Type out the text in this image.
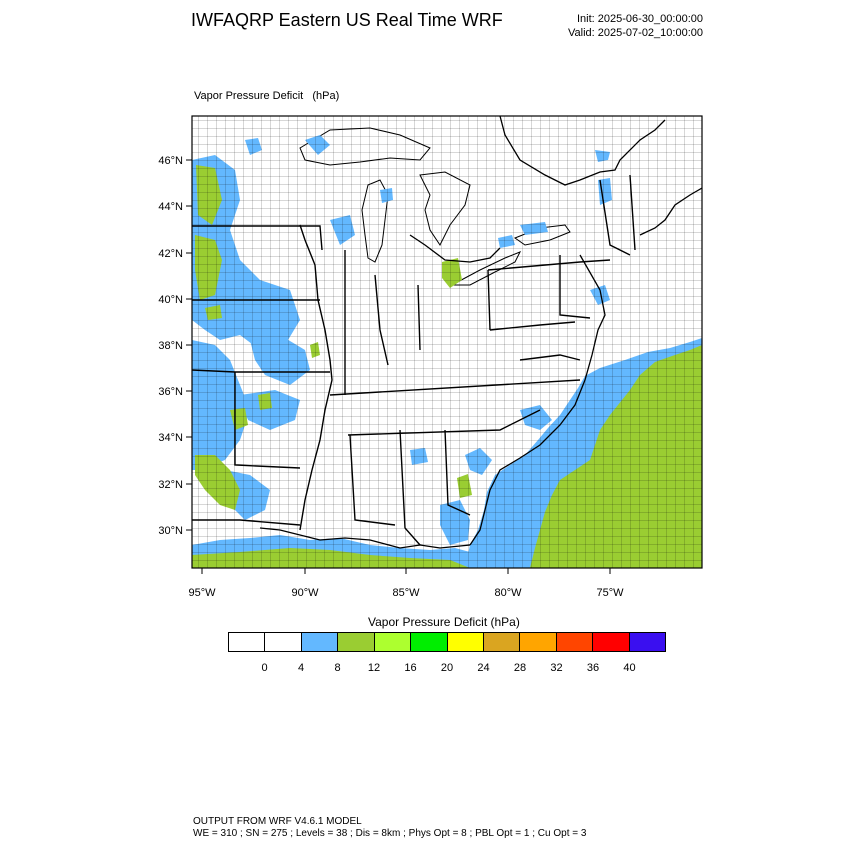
IWFAQRP Eastern US Real Time WRF	Init: 2025-06-30_00:00:00
Valid: 2025-07-02_10:00:00
Vapor Pressure Deficit   (hPa)
46°N
44°N
42°N
40°N
38°N
36°N
34°N
32°N
30°N
95°W	90°W	85°W	80°W	75°W
Vapor Pressure Deficit (hPa)
0	4	8 12 16 20 24 28 32 36 40
OUTPUT FROM WRF V4.6.1 MODEL
WE = 310 ; SN = 275 ; Levels = 38 ; Dis = 8km ; Phys Opt = 8 ; PBL Opt = 1 ; Cu Opt = 3
